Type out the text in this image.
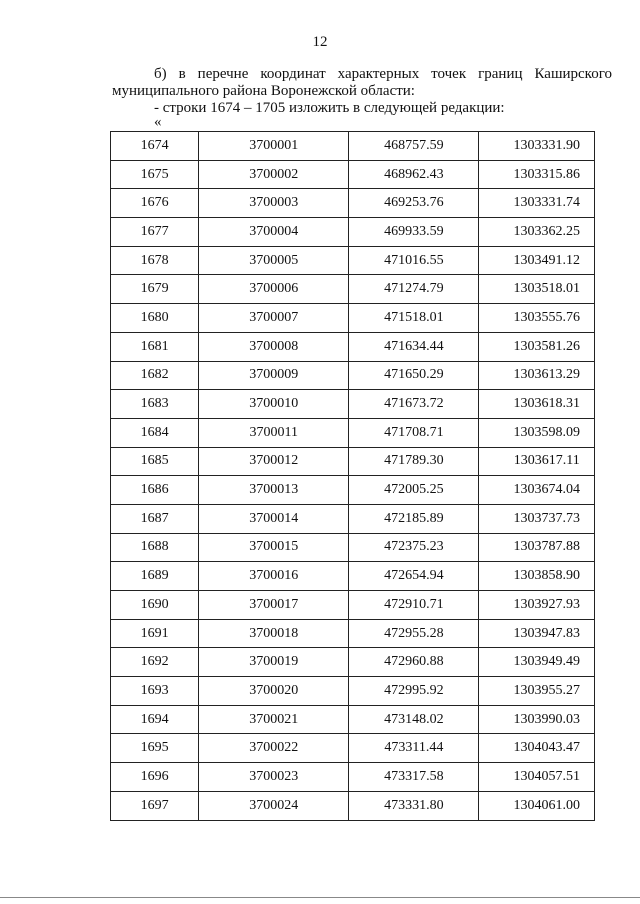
12

б) в перечне координат характерных точек границ Каширского муниципального района Воронежской области:

- строки 1674 – 1705 изложить в следующей редакции:

«
1674	3700001	468757.59	1303331.90
1675	3700002	468962.43	1303315.86
1676	3700003	469253.76	1303331.74
1677	3700004	469933.59	1303362.25
1678	3700005	471016.55	1303491.12
1679	3700006	471274.79	1303518.01
1680	3700007	471518.01	1303555.76
1681	3700008	471634.44	1303581.26
1682	3700009	471650.29	1303613.29
1683	3700010	471673.72	1303618.31
1684	3700011	471708.71	1303598.09
1685	3700012	471789.30	1303617.11
1686	3700013	472005.25	1303674.04
1687	3700014	472185.89	1303737.73
1688	3700015	472375.23	1303787.88
1689	3700016	472654.94	1303858.90
1690	3700017	472910.71	1303927.93
1691	3700018	472955.28	1303947.83
1692	3700019	472960.88	1303949.49
1693	3700020	472995.92	1303955.27
1694	3700021	473148.02	1303990.03
1695	3700022	473311.44	1304043.47
1696	3700023	473317.58	1304057.51
1697	3700024	473331.80	1304061.00
